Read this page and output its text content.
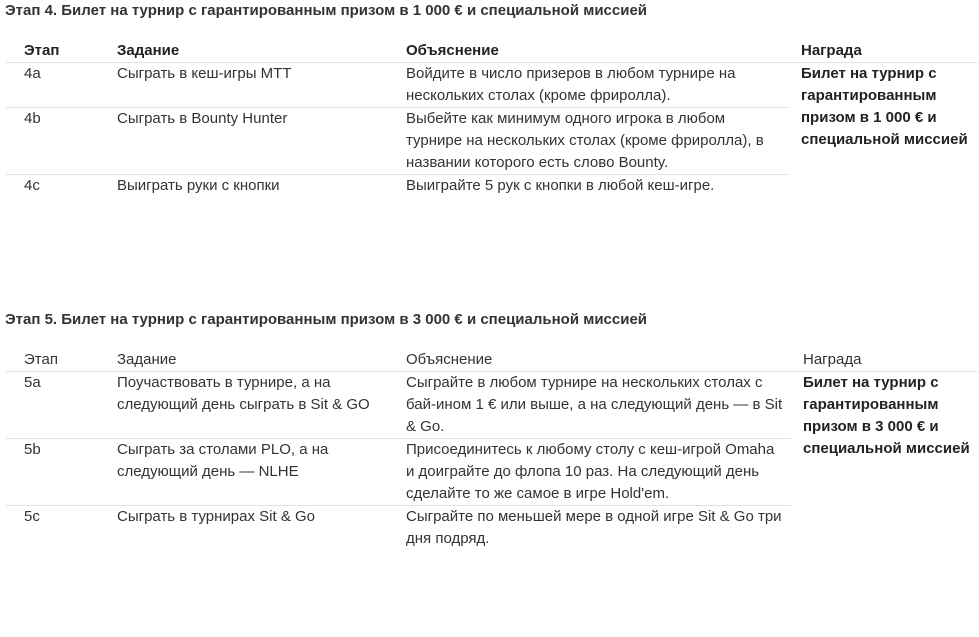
Этап 4. Билет на турнир с гарантированным призом в 1 000 € и специальной миссией
Этап	Задание	Объяснение	Награда
4a	Сыграть в кеш-игры МТТ	Войдите в число призеров в любом турнире на нескольких столах (кроме фриролла).	Билет на турнир с гарантированным призом в 1 000 € и специальной миссией
4b	Сыграть в Bounty Hunter	Выбейте как минимум одного игрока в любом турнире на нескольких столах (кроме фриролла), в названии которого есть слово Bounty.	
4c	Выиграть руки с кнопки	Выиграйте 5 рук с кнопки в любой кеш-игре.	
Этап 5. Билет на турнир с гарантированным призом в 3 000 € и специальной миссией
Этап	Задание	Объяснение	Награда
5a	Поучаствовать в турнире, а на следующий день сыграть в Sit & GO	Сыграйте в любом турнире на нескольких столах с бай-ином 1 € или выше, а на следующий день — в Sit & Go.	Билет на турнир с гарантированным призом в 3 000 € и специальной миссией
5b	Сыграть за столами PLO, а на следующий день — NLHE	Присоединитесь к любому столу с кеш-игрой Omaha и доиграйте до флопа 10 раз. На следующий день сделайте то же самое в игре Hold'em.	
5c	Сыграть в турнирах Sit & Go	Сыграйте по меньшей мере в одной игре Sit & Go три дня подряд.	
